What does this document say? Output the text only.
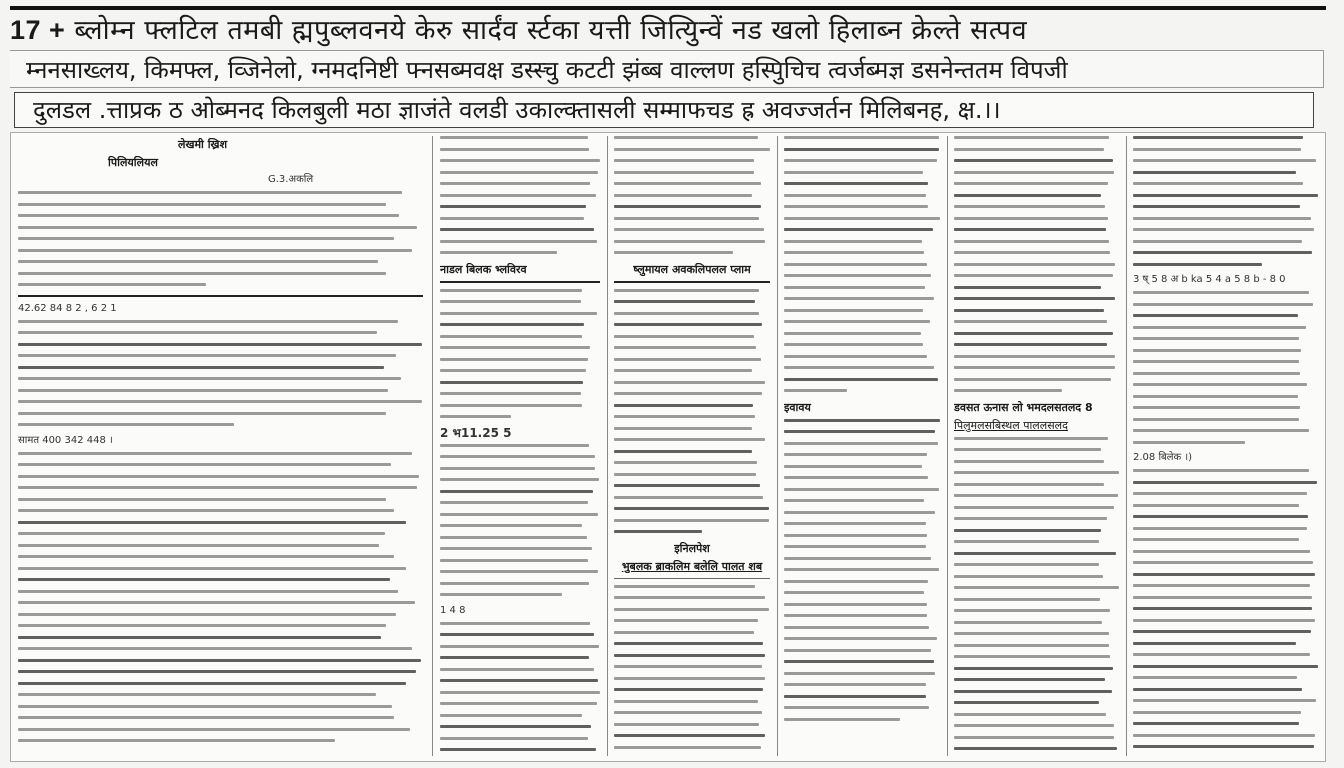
17 + ब्लोम्न फ्लटिल तमबी ह्मपुब्लवनये केरु सार्दंव र्स्टका यत्ती जित्युिन्वें नड खलो हिलाब्न क्रेल्ते सत्पव
म्ननसाख्लय, किमफ्ल, व्जिनेलो, ग्नमदनिष्टी फ्नसब्मवक्ष डस्स्चु कटटी झंब्ब वाल्लण हस्पुिचिच त्वर्जब्मज्ञ डसनेन्ततम विपजी
दुलडल .त्ताप्रक ठ ओब्मनद किलबुली मठा ज्ञाजंते वलडी उकाल्क्तासली सम्माफचड ह्र अवज्जर्तन मिलिबनह, क्ष.।।
लेखमी ख्रिश
पिलियलियल
G.3.अकलि
42.62 84 8 2 , 6 2 1
सामत 400 342 448 ।
नाडल बिलक भ्लविरव
2 भ11.25 5
1 4 8
ष्लुमायल अवकलिपलल प्लाम
इनिलपेश
भुबलक ब्राकलिम बलेलि पालत शब
इवावय	डवसत ऊनास लो भमदलसतलद 8
पिलुमलसबिस्थल पाललसलद
3 ष् 5 8 अ b ka 5 4 a 5 8 b - 8 0
2.08 बिलेक ।)
